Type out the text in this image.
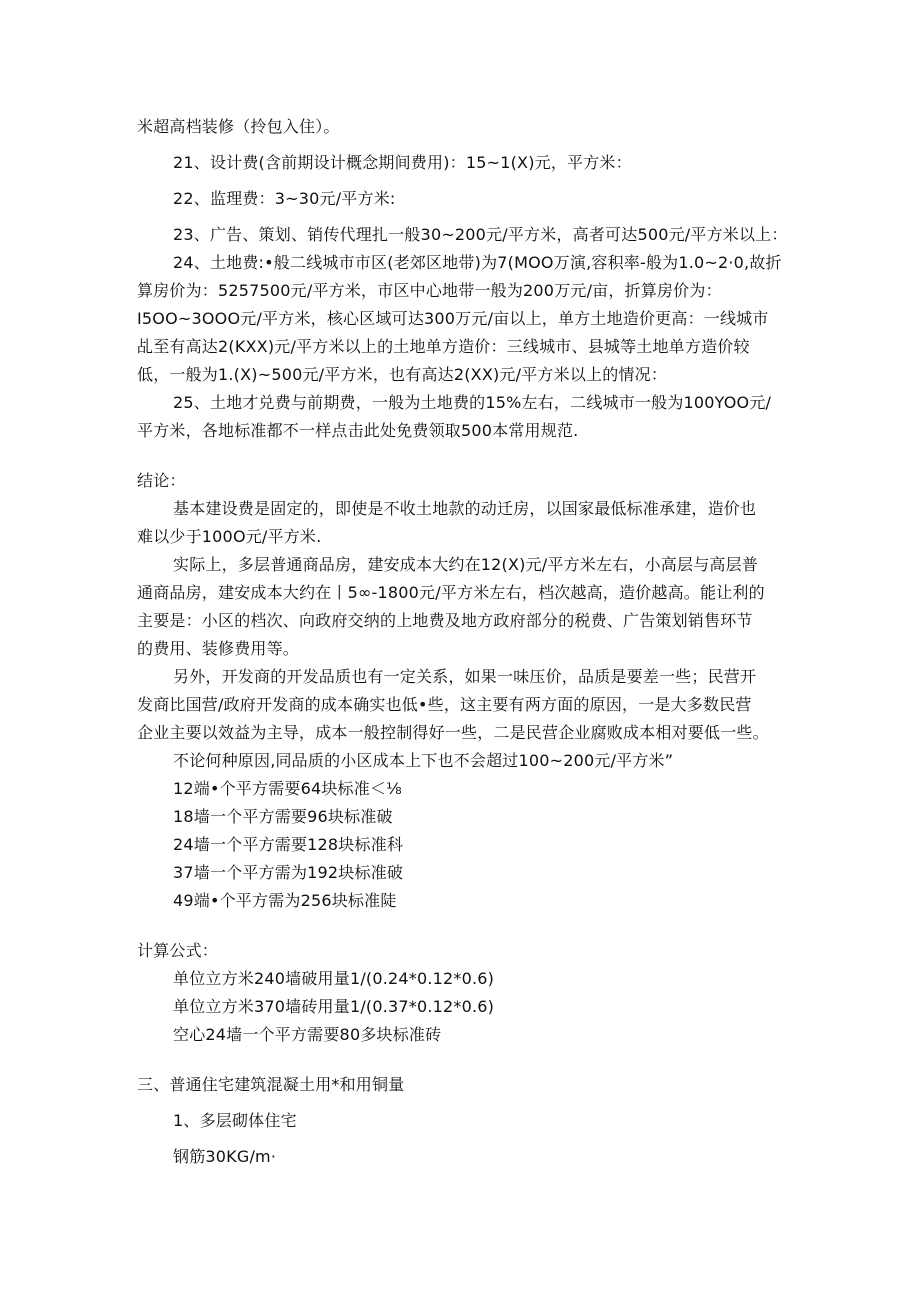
米超高档装修（拎包入住）。
21、设计费(含前期设计概念期间费用)：15~1(X)元，平方米：
22、监理费：3~30元/平方米:
23、广告、策划、销传代理扎一般30~200元/平方米，高者可达500元/平方米以上：
24、土地费:•般二线城市市区(老郊区地带)为7(MOO万演,容积率-般为1.0~2·0,故折
算房价为：5257500元/平方米，市区中心地带一般为200万元/亩，折算房价为：
I5OO~3OOO元/平方米，核心区域可达300万元/亩以上，单方土地造价更高：一线城市
乩至有高达2(KXX)元/平方米以上的土地单方造价：三线城市、县城等土地单方造价较
低，一般为1.(X)~500元/平方米，也有高达2(XX)元/平方米以上的情况：
25、土地才兑费与前期费，一般为土地费的15%左右，二线城市一般为100YOO元/
平方米，各地标准都不一样点击此处免费领取500本常用规范.
结论：
基本建设费是固定的，即使是不收土地款的动迁房，以国家最低标准承建，造价也
难以少于100O元/平方米.
实际上，多层普通商品房，建安成本大约在12(X)元/平方米左右，小高层与高层普
通商品房，建安成本大约在丨5∞-1800元/平方米左右，档次越高，造价越高。能让利的
主要是：小区的档次、向政府交纳的上地费及地方政府部分的税费、广告策划销售环节
的费用、装修费用等。
另外，开发商的开发品质也有一定关系，如果一味压价，品质是要差一些；民营开
发商比国营/政府开发商的成本确实也低•些，这主要有两方面的原因，一是大多数民营
企业主要以效益为主导，成本一般控制得好一些，二是民营企业腐败成本相对要低一些。
不论何种原因,同品质的小区成本上下也不会超过100~200元/平方米”
12端•个平方需要64块标准＜⅛
18墙一个平方需要96块标准破
24墙一个平方需要128块标准科
37墙一个平方需为192块标准破
49端•个平方需为256块标准陡
计算公式：
单位立方米240墙破用量1/(0.24*0.12*0.6)
单位立方米370墙砖用量1/(0.37*0.12*0.6)
空心24墙一个平方需要80多块标准砖
三、普通住宅建筑混凝土用*和用铜量
1、多层砌体住宅
钢筋30KG∕m·
